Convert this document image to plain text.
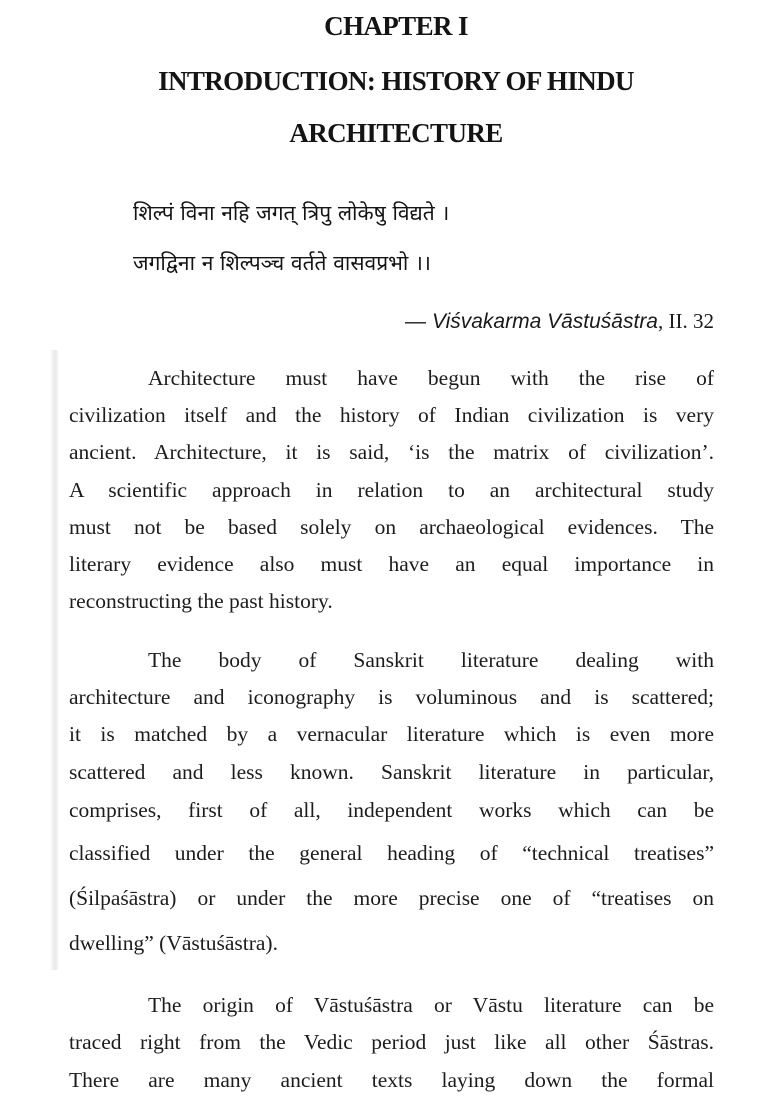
CHAPTER I
INTRODUCTION: HISTORY OF HINDU
ARCHITECTURE
शिल्पं विना नहि जगत् त्रिपु लोकेषु विद्यते ।
जगद्विना न शिल्पञ्च वर्तते वासवप्रभो ।।
— Viśvakarma Vāstuśāstra, II. 32
Architecture must have begun with the rise of
civilization itself and the history of Indian civilization is very
ancient. Architecture, it is said, ‘is the matrix of civilization’.
A scientific approach in relation to an architectural study
must not be based solely on archaeological evidences. The
literary evidence also must have an equal importance in
reconstructing the past history.
The body of Sanskrit literature dealing with
architecture and iconography is voluminous and is scattered;
it is matched by a vernacular literature which is even more
scattered and less known. Sanskrit literature in particular,
comprises, first of all, independent works which can be
classified under the general heading of “technical treatises”
(Śilpaśāstra) or under the more precise one of “treatises on
dwelling” (Vāstuśāstra).
The origin of Vāstuśāstra or Vāstu literature can be
traced right from the Vedic period just like all other Śāstras.
There are many ancient texts laying down the formal
